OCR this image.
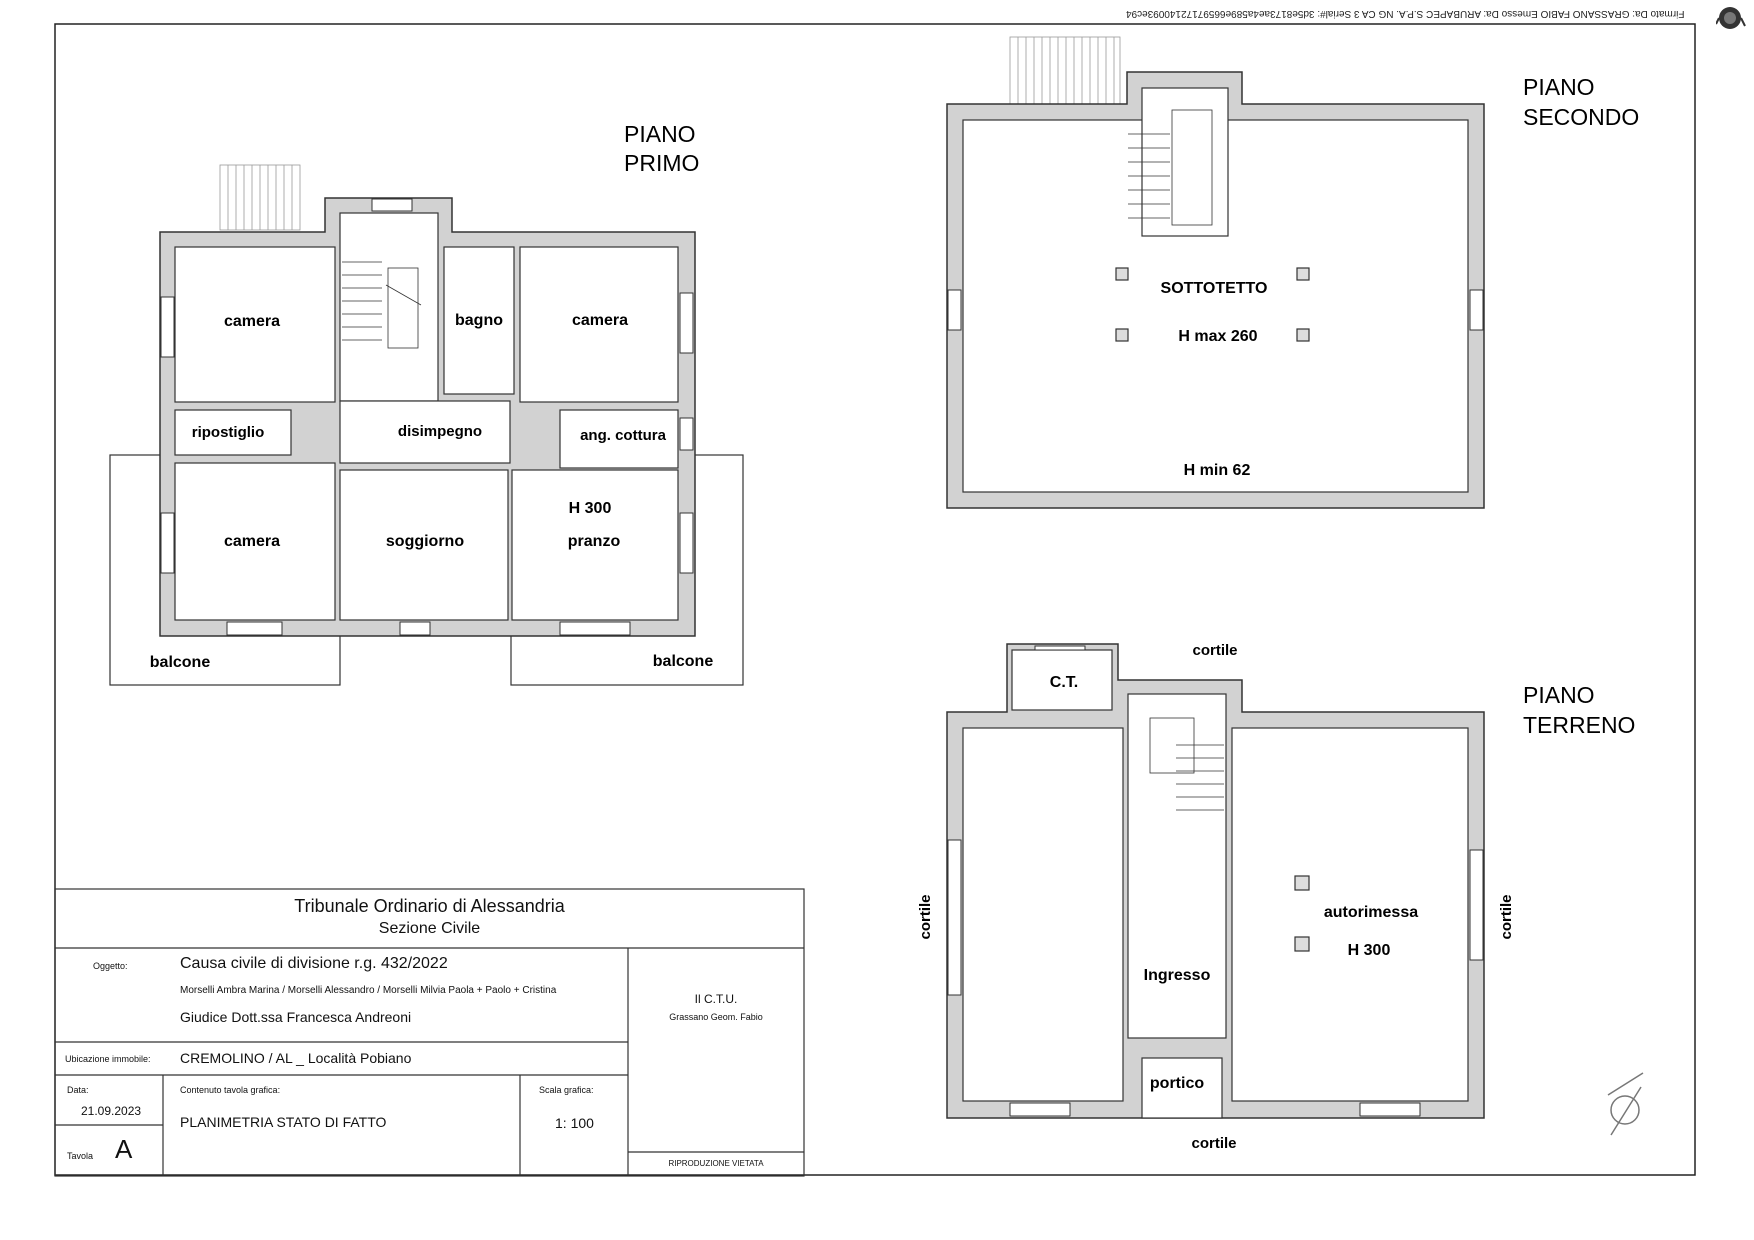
Firmato Da: GRASSANO FABIO Emesso Da: ARUBAPEC S.P.A. NG CA 3 Serial#: 3d5e8173ae4a589e66597172140093ec94
PIANO
PRIMO
camera	bagno	camera
ripostiglio	disimpegno	ang. cottura
camera	soggiorno
H 300
pranzo
balcone	balcone
PIANO
SECONDO
SOTTOTETTO
H max 260
H min 62
PIANO
TERRENO
C.T.
cortile
cortile	cortile
cortile
autorimessa
H 300
Ingresso
portico
Tribunale Ordinario di Alessandria
Sezione Civile
Oggetto:	Causa civile di divisione r.g. 432/2022
Morselli Ambra Marina / Morselli Alessandro / Morselli Milvia Paola + Paolo + Cristina
Giudice Dott.ssa Francesca Andreoni
Ubicazione immobile: CREMOLINO / AL _ Località Pobiano
Data:
21.09.2023
Tavola A
Contenuto tavola grafica:
PLANIMETRIA STATO DI FATTO
Scala grafica:
1: 100
Il C.T.U.
Grassano Geom. Fabio
RIPRODUZIONE VIETATA
